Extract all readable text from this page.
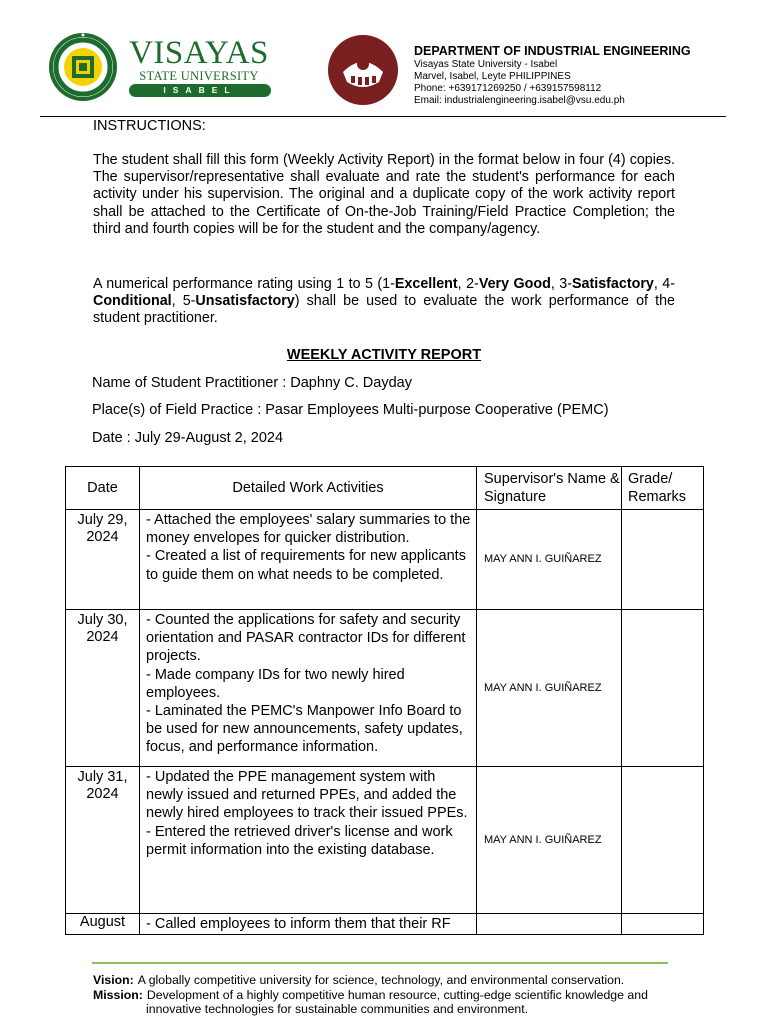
VISAYAS
STATE UNIVERSITY
ISABEL
DEPARTMENT OF INDUSTRIAL ENGINEERING
Visayas State University - Isabel
Marvel, Isabel, Leyte PHILIPPINES
Phone: +639171269250 / +639157598112
Email: industrialengineering.isabel@vsu.edu.ph
INSTRUCTIONS:
The student shall fill this form (Weekly Activity Report) in the format below in four (4) copies. The supervisor/representative shall evaluate and rate the student's performance for each activity under his supervision. The original and a duplicate copy of the work activity report shall be attached to the Certificate of On-the-Job Training/Field Practice Completion; the third and fourth copies will be for the student and the company/agency.
A numerical performance rating using 1 to 5 (1-Excellent, 2-Very Good, 3-Satisfactory, 4-Conditional, 5-Unsatisfactory) shall be used to evaluate the work performance of the student practitioner.
WEEKLY ACTIVITY REPORT
Name of Student Practitioner : Daphny C. Dayday
Place(s) of Field Practice : Pasar Employees Multi-purpose Cooperative (PEMC)
Date : July 29-August 2, 2024
Date	Detailed Work Activities	Supervisor's Name & Signature	Grade/ Remarks
July 29, 2024	- Attached the employees' salary summaries to the money envelopes for quicker distribution.
- Created a list of requirements for new applicants to guide them on what needs to be completed.	MAY ANN I. GUIÑAREZ	
July 30, 2024	- Counted the applications for safety and security orientation and PASAR contractor IDs for different projects.
- Made company IDs for two newly hired employees.
- Laminated the PEMC's Manpower Info Board to be used for new announcements, safety updates, focus, and performance information.	MAY ANN I. GUIÑAREZ	
July 31, 2024	- Updated the PPE management system with newly issued and returned PPEs, and added the newly hired employees to track their issued PPEs.
- Entered the retrieved driver's license and work permit information into the existing database.	MAY ANN I. GUIÑAREZ	
August	- Called employees to inform them that their RF		

Vision: A globally competitive university for science, technology, and environmental conservation.
Mission: Development of a highly competitive human resource, cutting-edge scientific knowledge and
innovative technologies for sustainable communities and environment.
